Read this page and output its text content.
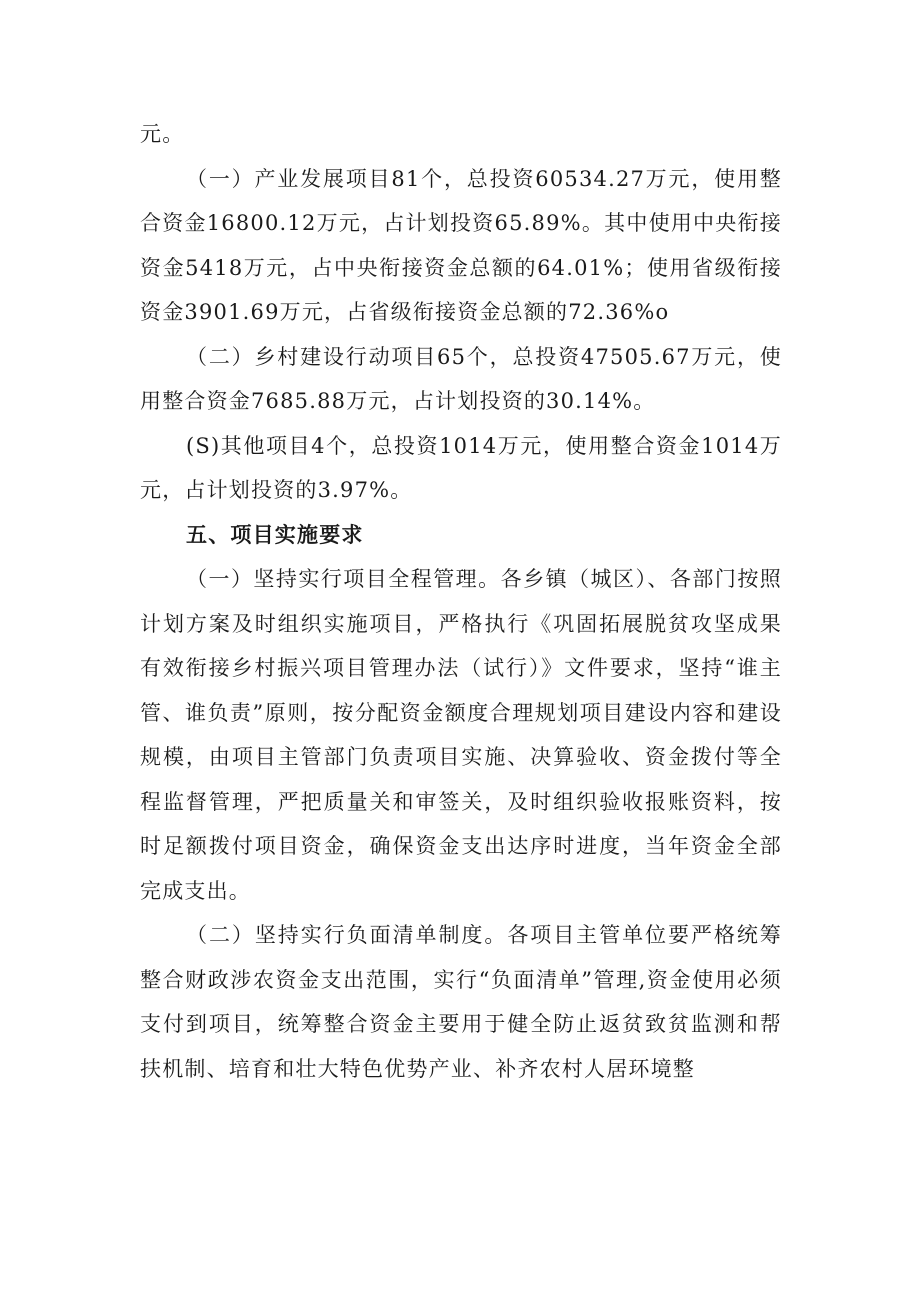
元。

（一）产业发展项目81个，总投资60534.27万元，使用整合资金16800.12万元，占计划投资65.89%。其中使用中央衔接资金5418万元，占中央衔接资金总额的64.01%；使用省级衔接资金3901.69万元，占省级衔接资金总额的72.36%o

（二）乡村建设行动项目65个，总投资47505.67万元，使用整合资金7685.88万元，占计划投资的30.14%。

(S)其他项目4个，总投资1014万元，使用整合资金1014万元，占计划投资的3.97%。

五、项目实施要求

（一）坚持实行项目全程管理。各乡镇（城区）、各部门按照计划方案及时组织实施项目，严格执行《巩固拓展脱贫攻坚成果有效衔接乡村振兴项目管理办法（试行）》文件要求，坚持“谁主管、谁负责”原则，按分配资金额度合理规划项目建设内容和建设规模，由项目主管部门负责项目实施、决算验收、资金拨付等全程监督管理，严把质量关和审签关，及时组织验收报账资料，按时足额拨付项目资金，确保资金支出达序时进度，当年资金全部完成支出。

（二）坚持实行负面清单制度。各项目主管单位要严格统筹整合财政涉农资金支出范围，实行“负面清单”管理,资金使用必须支付到项目，统筹整合资金主要用于健全防止返贫致贫监测和帮扶机制、培育和壮大特色优势产业、补齐农村人居环境整
